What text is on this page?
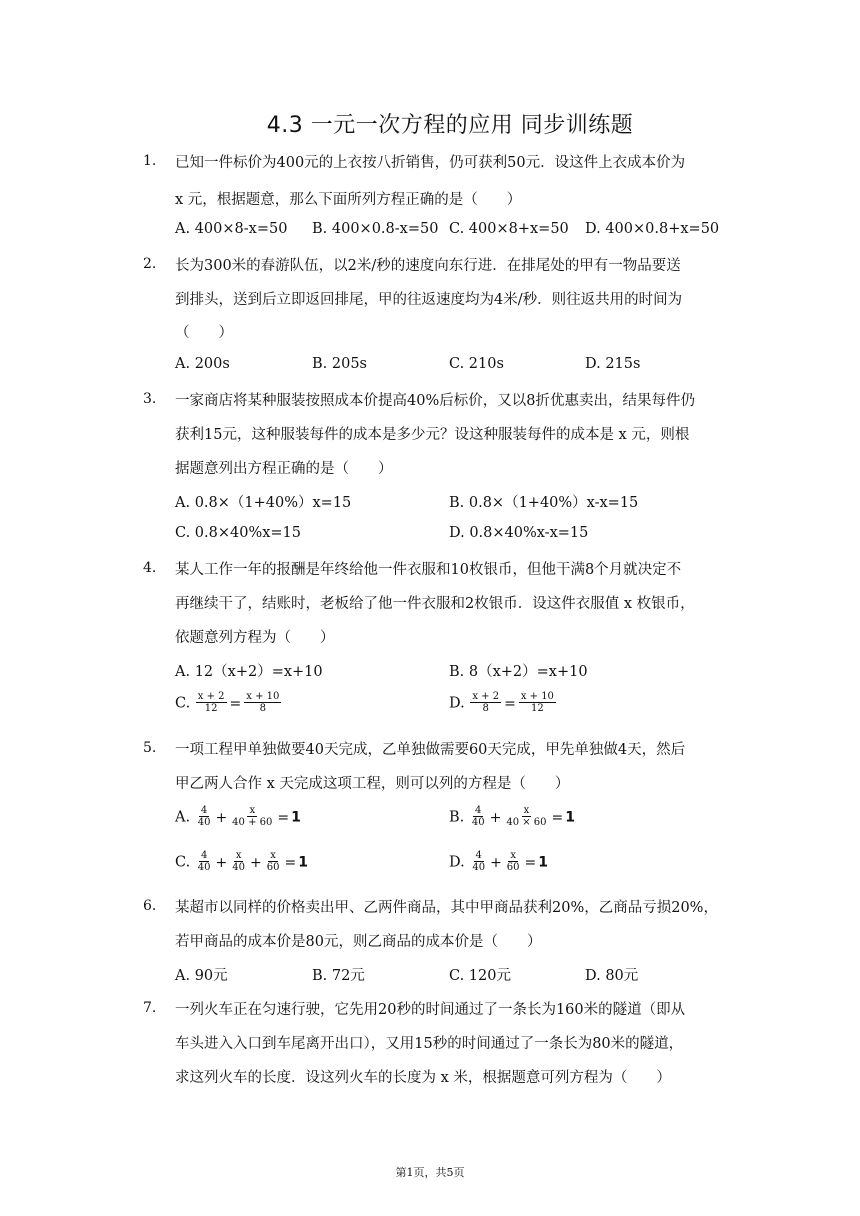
4.3 一元一次方程的应用 同步训练题
1. 已知一件标价为400元的上衣按八折销售，仍可获利50元．设这件上衣成本价为
x 元，根据题意，那么下面所列方程正确的是（　　）
A. 400×8-x=50 B. 400×0.8-x=50 C. 400×8+x=50 D. 400×0.8+x=50
2. 长为300米的春游队伍，以2米/秒的速度向东行进．在排尾处的甲有一物品要送
到排头，送到后立即返回排尾，甲的往返速度均为4米/秒．则往返共用的时间为
（　　）
A. 200s	B. 205s	C. 210s	D. 215s
3. 一家商店将某种服装按照成本价提高40%后标价，又以8折优惠卖出，结果每件仍
获利15元，这种服装每件的成本是多少元？设这种服装每件的成本是 x 元，则根
据题意列出方程正确的是（　　）
A. 0.8×（1+40%）x=15	B. 0.8×（1+40%）x-x=15
C. 0.8×40%x=15	D. 0.8×40%x-x=15
4. 某人工作一年的报酬是年终给他一件衣服和10枚银币，但他干满8个月就决定不
再继续干了，结账时，老板给了他一件衣服和2枚银币．设这件衣服值 x 枚银币，
依题意列方程为（　　）
A. 12（x+2）=x+10	B. 8（x+2）=x+10
C. $\frac{x + 2}{12} = \frac{x + 10}{8}$	D. $\frac{x + 2}{8} = \frac{x + 10}{12}$
5. 一项工程甲单独做要40天完成，乙单独做需要60天完成，甲先单独做4天，然后
甲乙两人合作 x 天完成这项工程，则可以列的方程是（　　）
A. $\frac{4}{40} + \frac{x}{40 + 60} = 1$	B. $\frac{4}{40} + \frac{x}{40 \times 60} = 1$
C. $\frac{4}{40} + \frac{x}{40} + \frac{x}{60} = 1$	D. $\frac{4}{40} + \frac{x}{60} = 1$
6. 某超市以同样的价格卖出甲、乙两件商品，其中甲商品获利20%，乙商品亏损20%，
若甲商品的成本价是80元，则乙商品的成本价是（　　）
A. 90元	B. 72元	C. 120元	D. 80元
7. 一列火车正在匀速行驶，它先用20秒的时间通过了一条长为160米的隧道（即从
车头进入入口到车尾离开出口），又用15秒的时间通过了一条长为80米的隧道，
求这列火车的长度．设这列火车的长度为 x 米，根据题意可列方程为（　　）
第1页，共5页
